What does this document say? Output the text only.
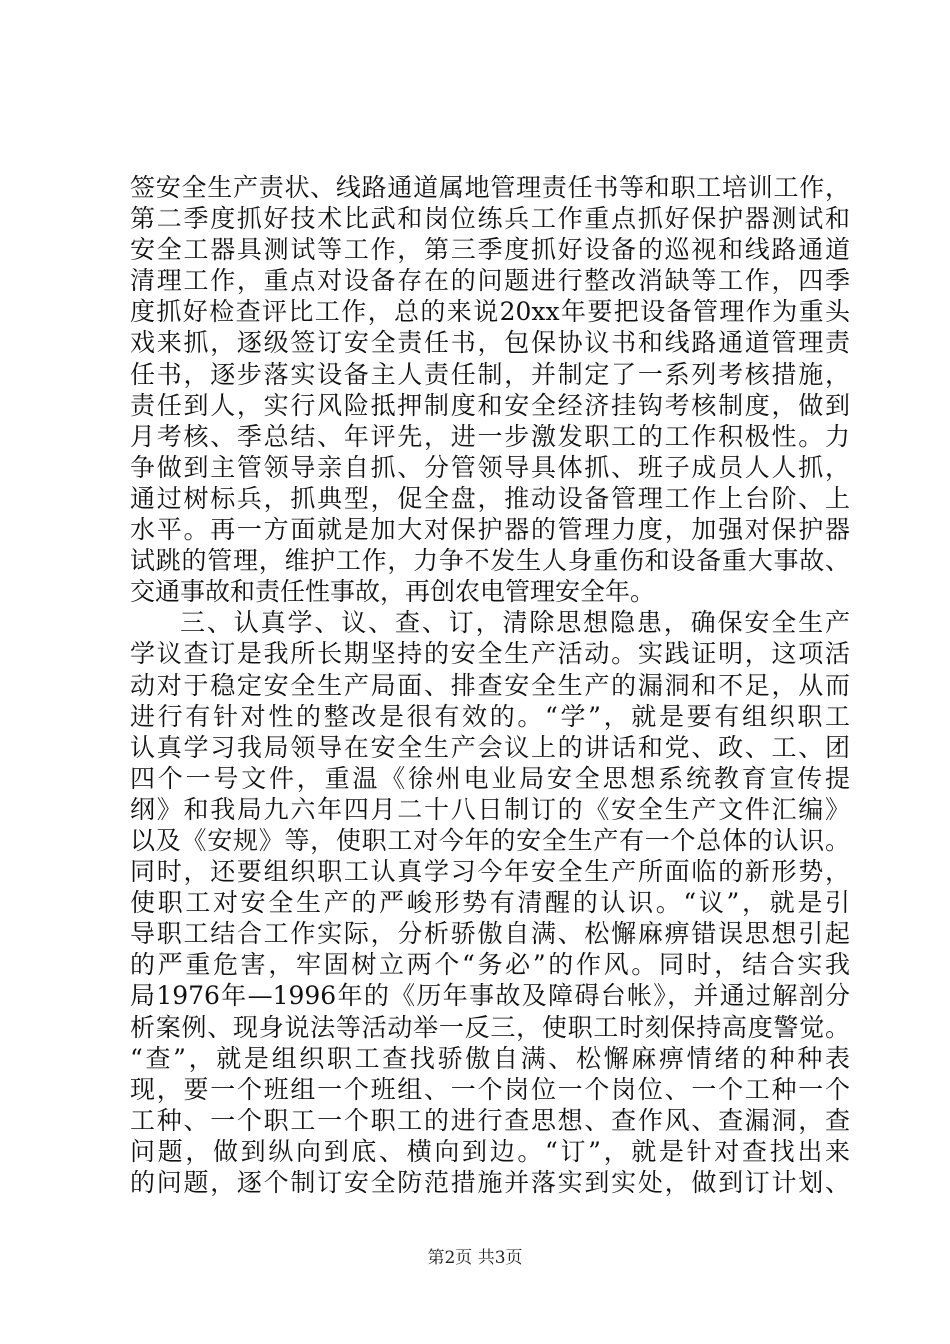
签安全生产责状、线路通道属地管理责任书等和职工培训工作，
第二季度抓好技术比武和岗位练兵工作重点抓好保护器测试和
安全工器具测试等工作，第三季度抓好设备的巡视和线路通道
清理工作，重点对设备存在的问题进行整改消缺等工作，四季
度抓好检查评比工作，总的来说20xx年要把设备管理作为重头
戏来抓，逐级签订安全责任书，包保协议书和线路通道管理责
任书，逐步落实设备主人责任制，并制定了一系列考核措施，
责任到人，实行风险抵押制度和安全经济挂钩考核制度，做到
月考核、季总结、年评先，进一步激发职工的工作积极性。力
争做到主管领导亲自抓、分管领导具体抓、班子成员人人抓，
通过树标兵，抓典型，促全盘，推动设备管理工作上台阶、上
水平。再一方面就是加大对保护器的管理力度，加强对保护器
试跳的管理，维护工作，力争不发生人身重伤和设备重大事故、
交通事故和责任性事故，再创农电管理安全年。
三、认真学、议、查、订，清除思想隐患，确保安全生产
学议查订是我所长期坚持的安全生产活动。实践证明，这项活
动对于稳定安全生产局面、排查安全生产的漏洞和不足，从而
进行有针对性的整改是很有效的。“学”，就是要有组织职工
认真学习我局领导在安全生产会议上的讲话和党、政、工、团
四个一号文件，重温《徐州电业局安全思想系统教育宣传提
纲》和我局九六年四月二十八日制订的《安全生产文件汇编》
以及《安规》等，使职工对今年的安全生产有一个总体的认识。
同时，还要组织职工认真学习今年安全生产所面临的新形势，
使职工对安全生产的严峻形势有清醒的认识。“议”，就是引
导职工结合工作实际，分析骄傲自满、松懈麻痹错误思想引起
的严重危害，牢固树立两个“务必”的作风。同时，结合实我
局1976年—1996年的《历年事故及障碍台帐》，并通过解剖分
析案例、现身说法等活动举一反三，使职工时刻保持高度警觉。
“查”，就是组织职工查找骄傲自满、松懈麻痹情绪的种种表
现，要一个班组一个班组、一个岗位一个岗位、一个工种一个
工种、一个职工一个职工的进行查思想、查作风、查漏洞，查
问题，做到纵向到底、横向到边。“订”，就是针对查找出来
的问题，逐个制订安全防范措施并落实到实处，做到订计划、
第2页 共3页
